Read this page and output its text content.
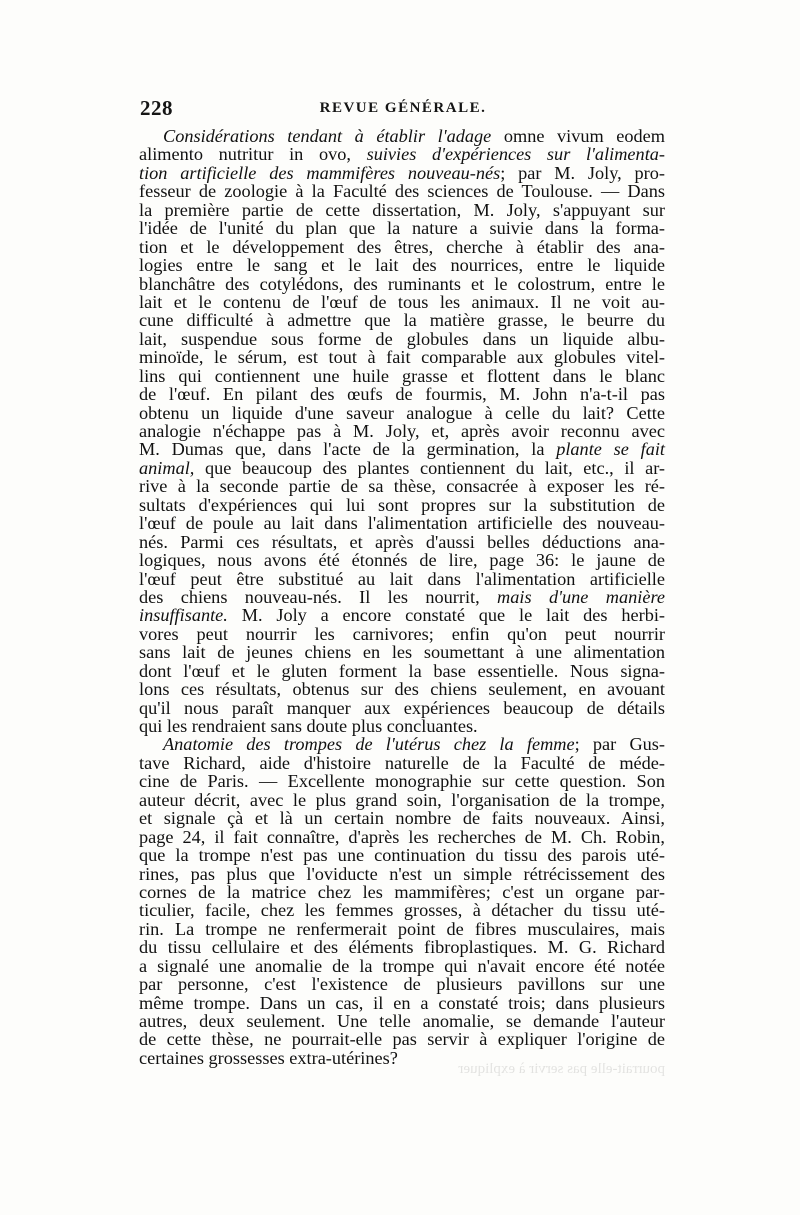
228	REVUE GÉNÉRALE.
Considérations tendant à établir l'adage omne vivum eodem
alimento nutritur in ovo, suivies d'expériences sur l'alimenta-
tion artificielle des mammifères nouveau-nés; par M. Joly, pro-
fesseur de zoologie à la Faculté des sciences de Toulouse. — Dans
la première partie de cette dissertation, M. Joly, s'appuyant sur
l'idée de l'unité du plan que la nature a suivie dans la forma-
tion et le développement des êtres, cherche à établir des ana-
logies entre le sang et le lait des nourrices, entre le liquide
blanchâtre des cotylédons, des ruminants et le colostrum, entre le
lait et le contenu de l'œuf de tous les animaux. Il ne voit au-
cune difficulté à admettre que la matière grasse, le beurre du
lait, suspendue sous forme de globules dans un liquide albu-
minoïde, le sérum, est tout à fait comparable aux globules vitel-
lins qui contiennent une huile grasse et flottent dans le blanc
de l'œuf. En pilant des œufs de fourmis, M. John n'a-t-il pas
obtenu un liquide d'une saveur analogue à celle du lait? Cette
analogie n'échappe pas à M. Joly, et, après avoir reconnu avec
M. Dumas que, dans l'acte de la germination, la plante se fait
animal, que beaucoup des plantes contiennent du lait, etc., il ar-
rive à la seconde partie de sa thèse, consacrée à exposer les ré-
sultats d'expériences qui lui sont propres sur la substitution de
l'œuf de poule au lait dans l'alimentation artificielle des nouveau-
nés. Parmi ces résultats, et après d'aussi belles déductions ana-
logiques, nous avons été étonnés de lire, page 36: le jaune de
l'œuf peut être substitué au lait dans l'alimentation artificielle
des chiens nouveau-nés. Il les nourrit, mais d'une manière
insuffisante. M. Joly a encore constaté que le lait des herbi-
vores peut nourrir les carnivores; enfin qu'on peut nourrir
sans lait de jeunes chiens en les soumettant à une alimentation
dont l'œuf et le gluten forment la base essentielle. Nous signa-
lons ces résultats, obtenus sur des chiens seulement, en avouant
qu'il nous paraît manquer aux expériences beaucoup de détails
qui les rendraient sans doute plus concluantes.
Anatomie des trompes de l'utérus chez la femme; par Gus-
tave Richard, aide d'histoire naturelle de la Faculté de méde-
cine de Paris. — Excellente monographie sur cette question. Son
auteur décrit, avec le plus grand soin, l'organisation de la trompe,
et signale çà et là un certain nombre de faits nouveaux. Ainsi,
page 24, il fait connaître, d'après les recherches de M. Ch. Robin,
que la trompe n'est pas une continuation du tissu des parois uté-
rines, pas plus que l'oviducte n'est un simple rétrécissement des
cornes de la matrice chez les mammifères; c'est un organe par-
ticulier, facile, chez les femmes grosses, à détacher du tissu uté-
rin. La trompe ne renfermerait point de fibres musculaires, mais
du tissu cellulaire et des éléments fibroplastiques. M. G. Richard
a signalé une anomalie de la trompe qui n'avait encore été notée
par personne, c'est l'existence de plusieurs pavillons sur une
même trompe. Dans un cas, il en a constaté trois; dans plusieurs
autres, deux seulement. Une telle anomalie, se demande l'auteur
de cette thèse, ne pourrait-elle pas servir à expliquer l'origine de
certaines grossesses extra-utérines?
pourrait-elle pas servir à expliquer
